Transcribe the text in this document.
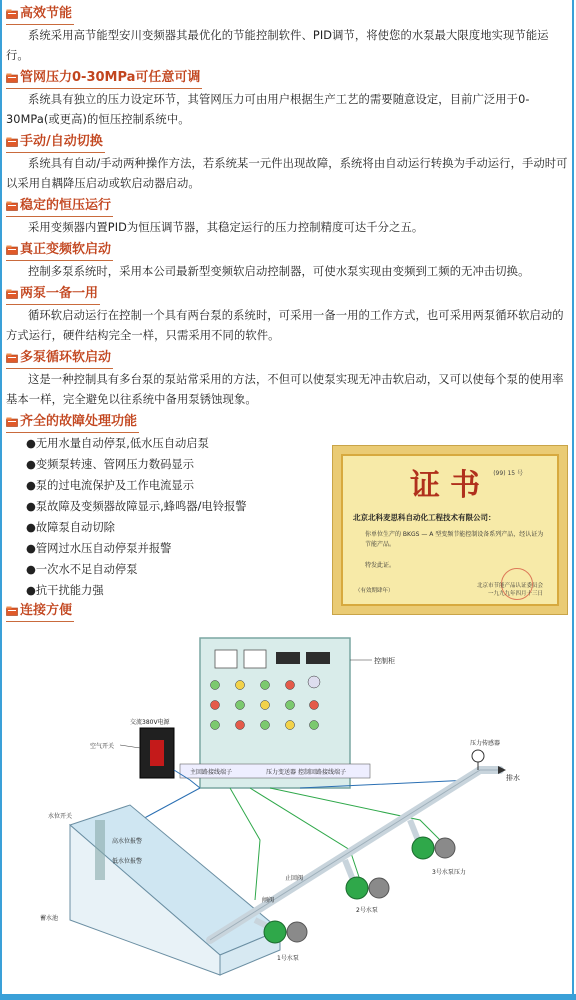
高效节能
系统采用高节能型安川变频器其最优化的节能控制软件、PID调节，将使您的水泵最大限度地实现节能运行。
管网压力0-30MPa可任意可调
系统具有独立的压力设定环节，其管网压力可由用户根据生产工艺的需要随意设定，目前广泛用于0-30MPa(或更高)的恒压控制系统中。
手动/自动切换
系统具有自动/手动两种操作方法，若系统某一元件出现故障，系统将由自动运行转换为手动运行，手动时可以采用自耦降压启动或软启动器启动。
稳定的恒压运行
采用变频器内置PID为恒压调节器，其稳定运行的压力控制精度可达千分之五。
真正变频软启动
控制多泵系统时，采用本公司最新型变频软启动控制器，可使水泵实现由变频到工频的无冲击切换。
两泵一备一用
循环软启动运行在控制一个具有两台泵的系统时，可采用一备一用的工作方式，也可采用两泵循环软启动的方式运行，硬件结构完全一样，只需采用不同的软件。
多泵循环软启动
这是一种控制具有多台泵的泵站常采用的方法，不但可以使泵实现无冲击软启动，又可以使每个泵的使用率基本一样，完全避免以往系统中备用泵锈蚀现象。
齐全的故障处理功能
●无用水量自动停泵,低水压自动启泵
●变频泵转速、管网压力数码显示
●泵的过电流保护及工作电流显示
●泵故障及变频器故障显示,蜂鸣器/电铃报警
●故障泵自动切除
●管网过水压自动停泵并报警
●一次水不足自动停泵
●抗干扰能力强
连接方便
证书 (99) 15 号
北京北科麦思科自动化工程技术有限公司：
你单位生产的 BKGS — A 型变频节能控制设备系列产品，经认证为节能产品。
特发此证。
北京市节能产品认证委员会 一九九九年四月十三日
（有效期肆年）
主回路接线端子	压力变送器 控制回路接线端子
控制柜
交流380V电源
空气开关
水位开关
高水位报警
低水位报警
蓄水池
排水
压力传感器
1号水泵
2号水泵
3号水泵压力
闸阀
止回阀
